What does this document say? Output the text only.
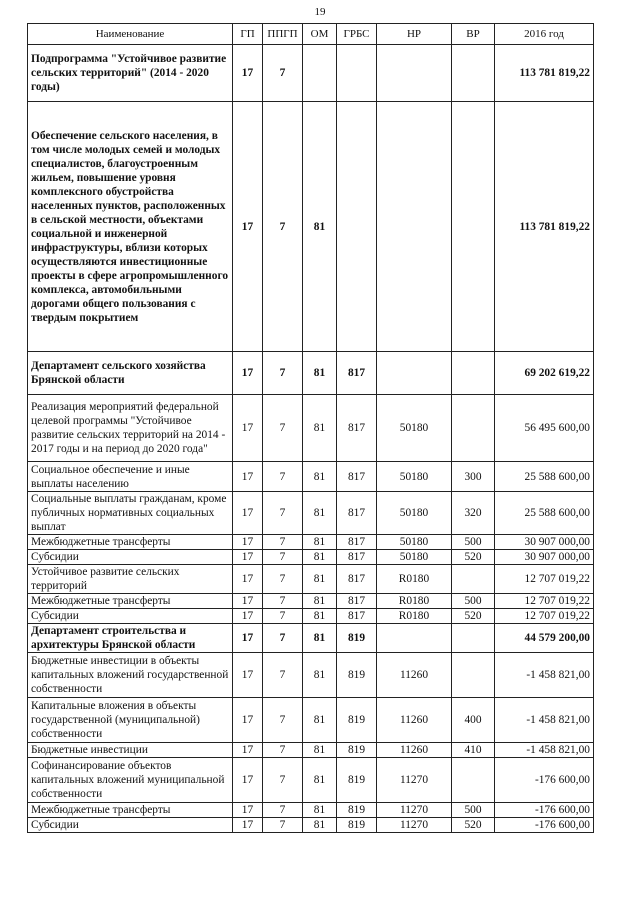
19
Наименование	ГП	ППГП	ОМ	ГРБС	НР	ВР	2016 год
Подпрограмма "Устойчивое развитие сельских территорий" (2014 - 2020 годы)	17	7					113 781 819,22
Обеспечение сельского населения, в том числе молодых семей и молодых специалистов, благоустроенным жильем, повышение уровня комплексного обустройства населенных пунктов, расположенных в сельской местности, объектами социальной и инженерной инфраструктуры, вблизи которых осуществляются инвестиционные проекты в сфере агропромышленного комплекса, автомобильными дорогами общего пользования с твердым покрытием	17	7	81				113 781 819,22
Департамент сельского хозяйства Брянской области	17	7	81	817			69 202 619,22
Реализация мероприятий федеральной целевой программы "Устойчивое развитие сельских территорий на 2014 - 2017 годы и на период до 2020 года"	17	7	81	817	50180		56 495 600,00
Социальное обеспечение и иные выплаты населению	17	7	81	817	50180	300	25 588 600,00
Социальные выплаты гражданам, кроме публичных нормативных социальных выплат	17	7	81	817	50180	320	25 588 600,00
Межбюджетные трансферты	17	7	81	817	50180	500	30 907 000,00
Субсидии	17	7	81	817	50180	520	30 907 000,00
Устойчивое развитие сельских территорий	17	7	81	817	R0180		12 707 019,22
Межбюджетные трансферты	17	7	81	817	R0180	500	12 707 019,22
Субсидии	17	7	81	817	R0180	520	12 707 019,22
Департамент строительства и архитектуры Брянской области	17	7	81	819			44 579 200,00
Бюджетные инвестиции в объекты капитальных вложений государственной собственности	17	7	81	819	11260		-1 458 821,00
Капитальные вложения в объекты государственной (муниципальной) собственности	17	7	81	819	11260	400	-1 458 821,00
Бюджетные инвестиции	17	7	81	819	11260	410	-1 458 821,00
Софинансирование объектов капитальных вложений муниципальной собственности	17	7	81	819	11270		-176 600,00
Межбюджетные трансферты	17	7	81	819	11270	500	-176 600,00
Субсидии	17	7	81	819	11270	520	-176 600,00
